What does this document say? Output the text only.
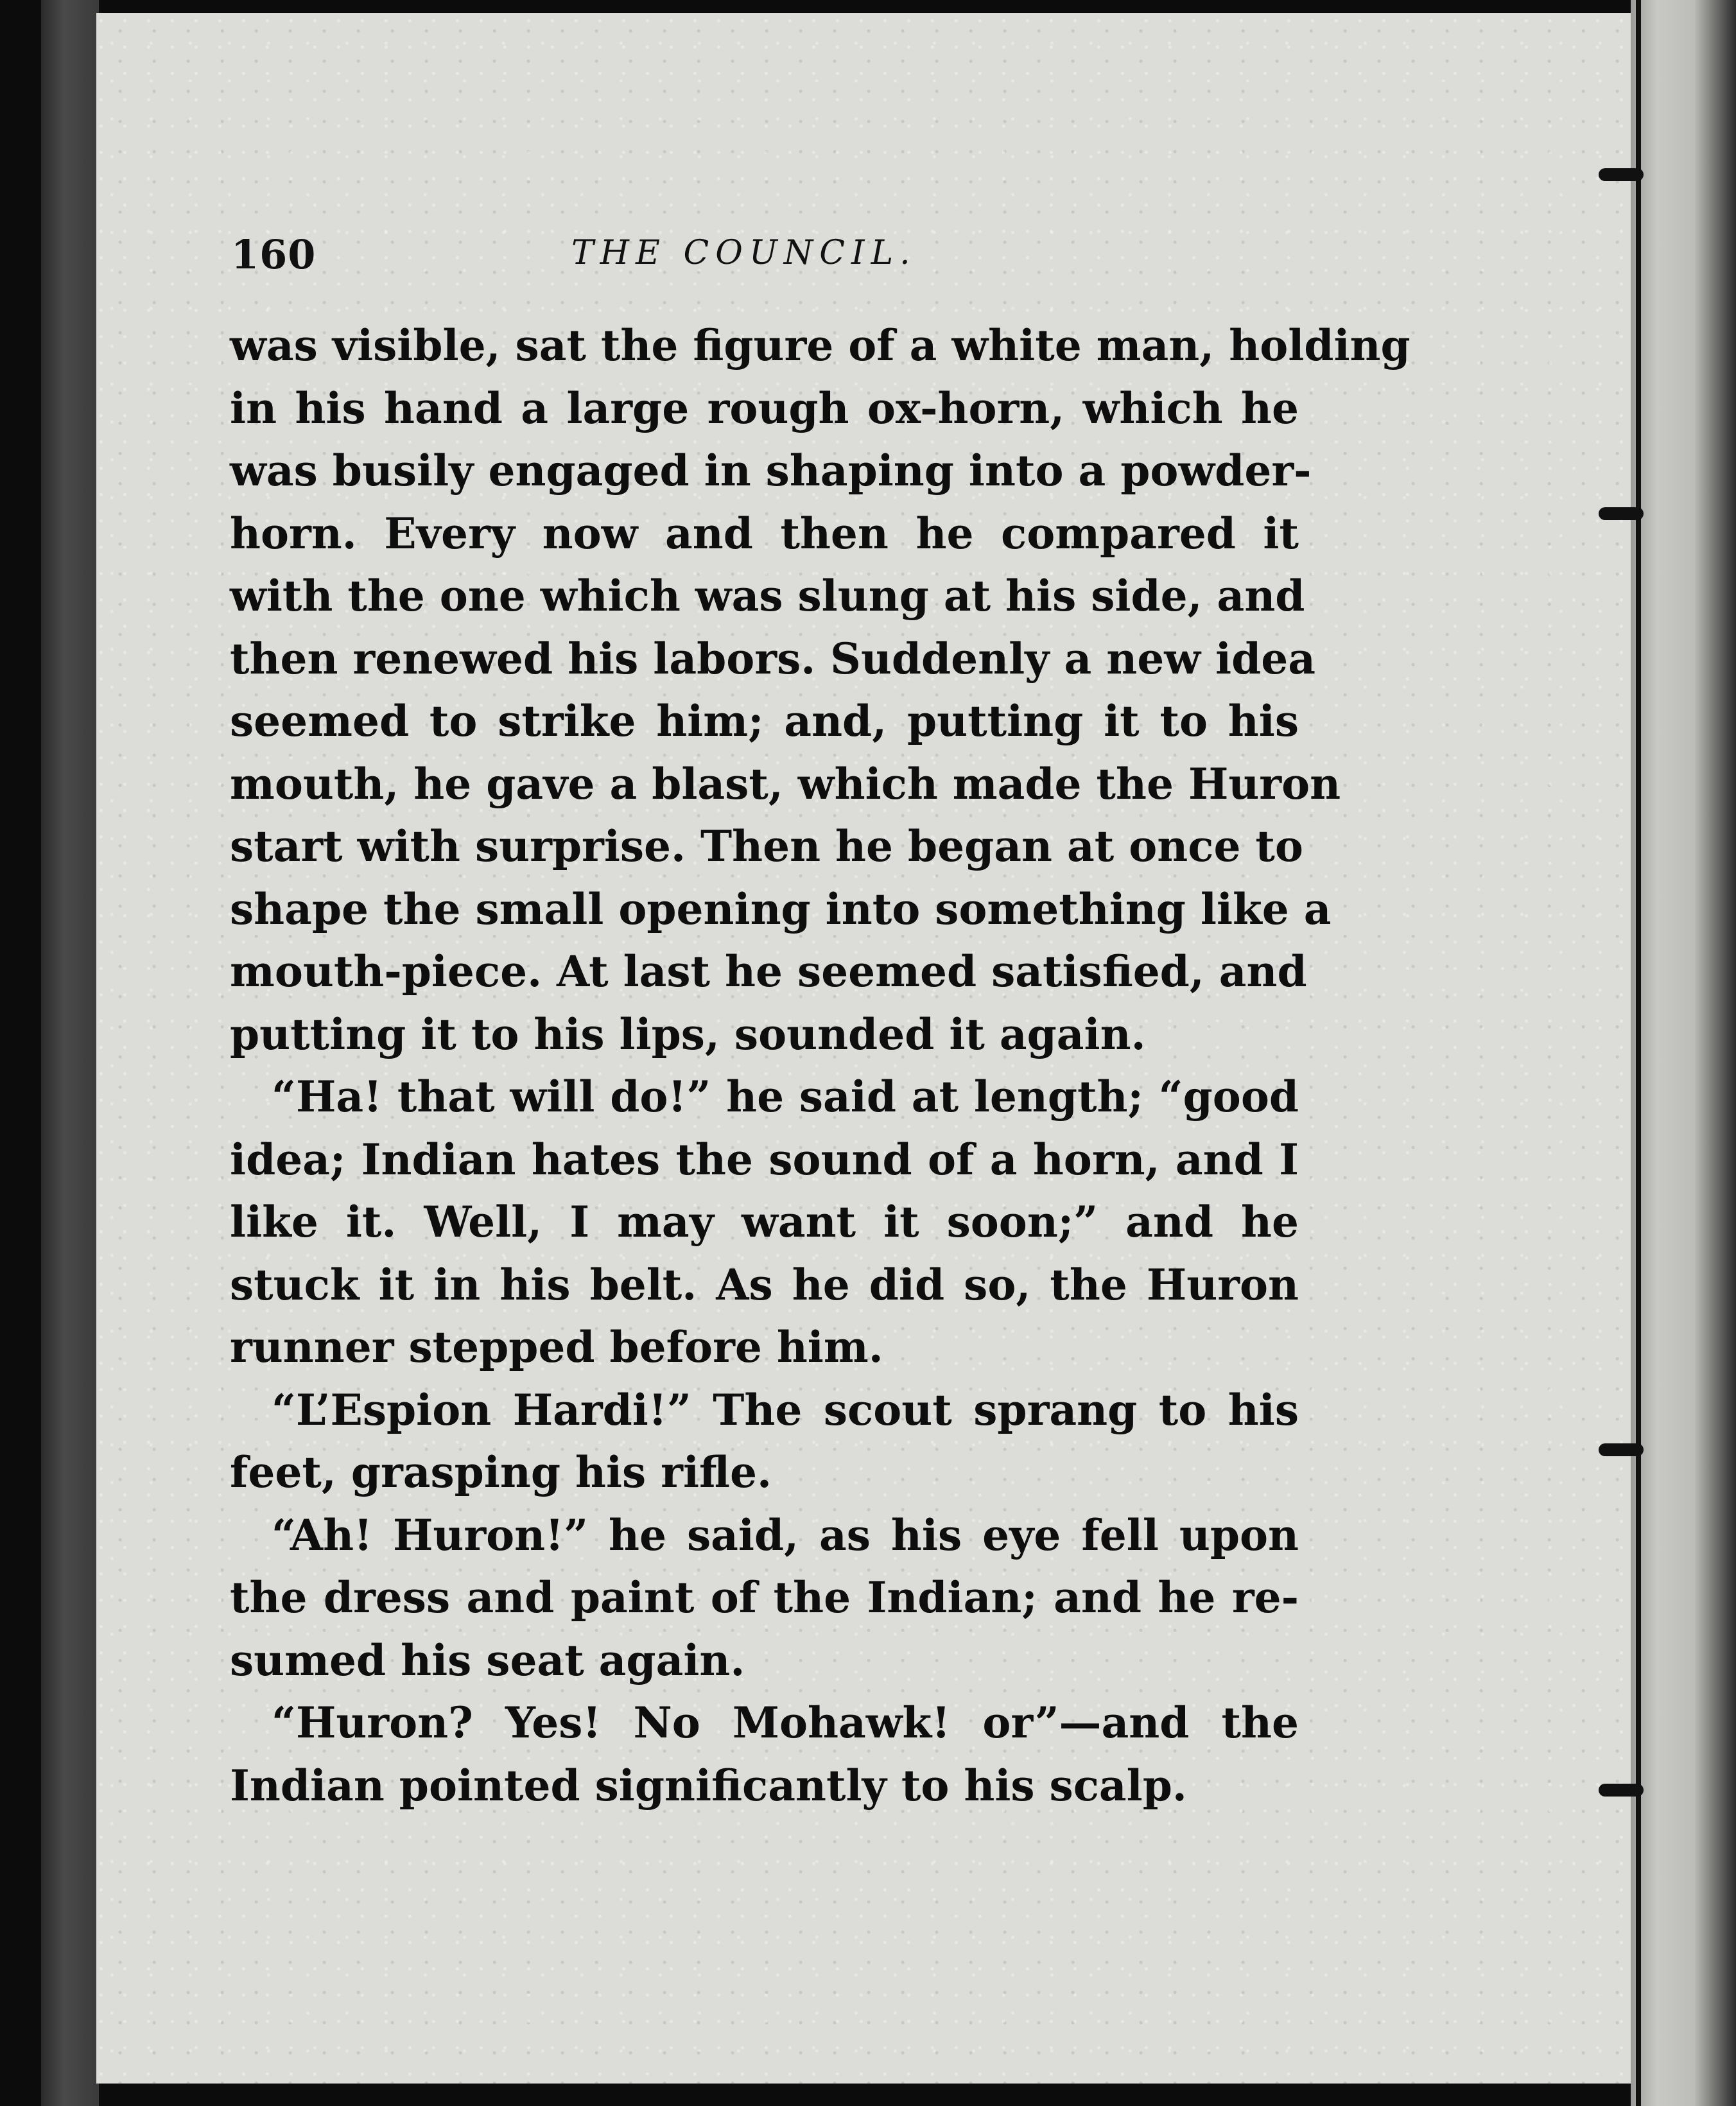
160	THE COUNCIL.
was visible, sat the figure of a white man, holding
in his hand a large rough ox-horn, which he
was busily engaged in shaping into a powder-
horn. Every now and then he compared it
with the one which was slung at his side, and
then renewed his labors. Suddenly a new idea
seemed to strike him; and, putting it to his
mouth, he gave a blast, which made the Huron
start with surprise. Then he began at once to
shape the small opening into something like a
mouth-piece. At last he seemed satisfied, and
putting it to his lips, sounded it again.
“Ha! that will do!” he said at length; “good
idea; Indian hates the sound of a horn, and I
like it. Well, I may want it soon;” and he
stuck it in his belt. As he did so, the Huron
runner stepped before him.
“L’Espion Hardi!” The scout sprang to his
feet, grasping his rifle.
“Ah! Huron!” he said, as his eye fell upon
the dress and paint of the Indian; and he re-
sumed his seat again.
“Huron? Yes! No Mohawk! or”—and the
Indian pointed significantly to his scalp.
